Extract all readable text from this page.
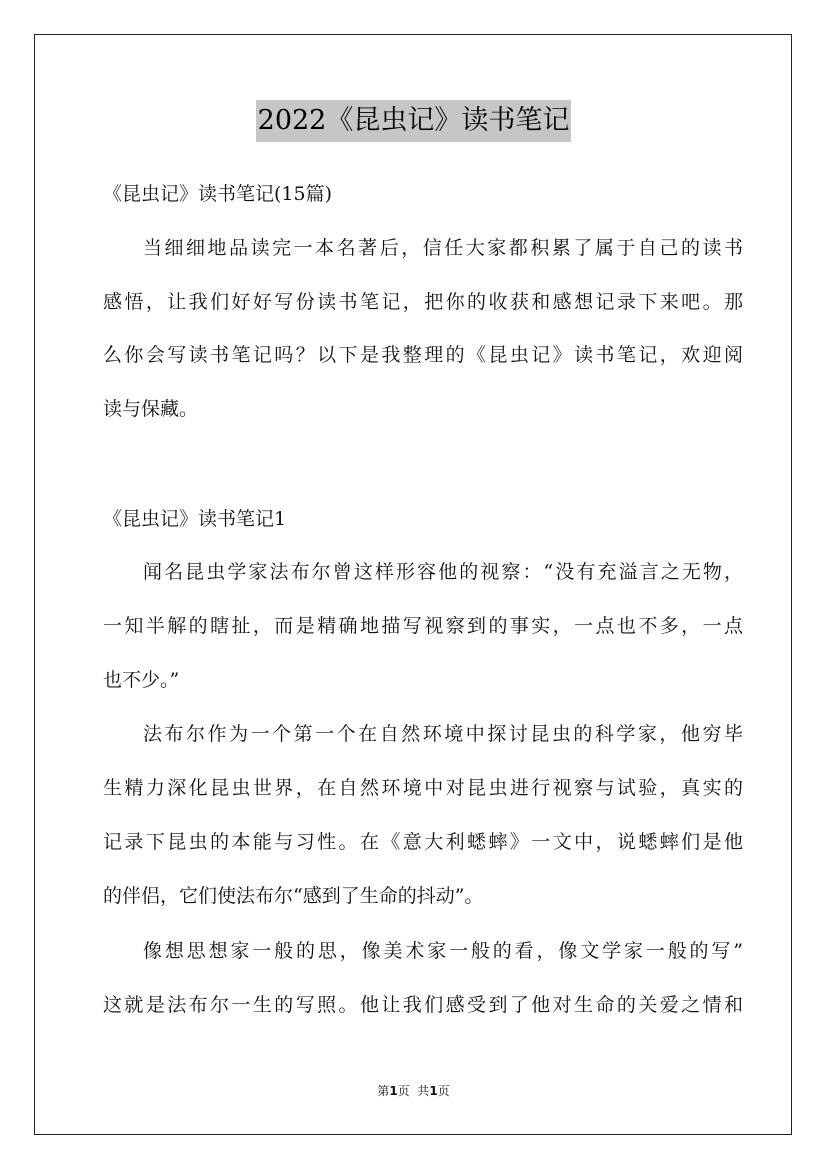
2022《昆虫记》读书笔记
《昆虫记》读书笔记(15篇)
当细细地品读完一本名著后，信任大家都积累了属于自己的读书
感悟，让我们好好写份读书笔记，把你的收获和感想记录下来吧。那
么你会写读书笔记吗？以下是我整理的《昆虫记》读书笔记，欢迎阅
读与保藏。
《昆虫记》读书笔记1
闻名昆虫学家法布尔曾这样形容他的视察：“没有充溢言之无物，
一知半解的瞎扯，而是精确地描写视察到的事实，一点也不多，一点
也不少。”
法布尔作为一个第一个在自然环境中探讨昆虫的科学家，他穷毕
生精力深化昆虫世界，在自然环境中对昆虫进行视察与试验，真实的
记录下昆虫的本能与习性。在《意大利蟋蟀》一文中，说蟋蟀们是他
的伴侣，它们使法布尔“感到了生命的抖动”。
像想思想家一般的思，像美术家一般的看，像文学家一般的写”
这就是法布尔一生的写照。他让我们感受到了他对生命的关爱之情和
第1页  共1页
